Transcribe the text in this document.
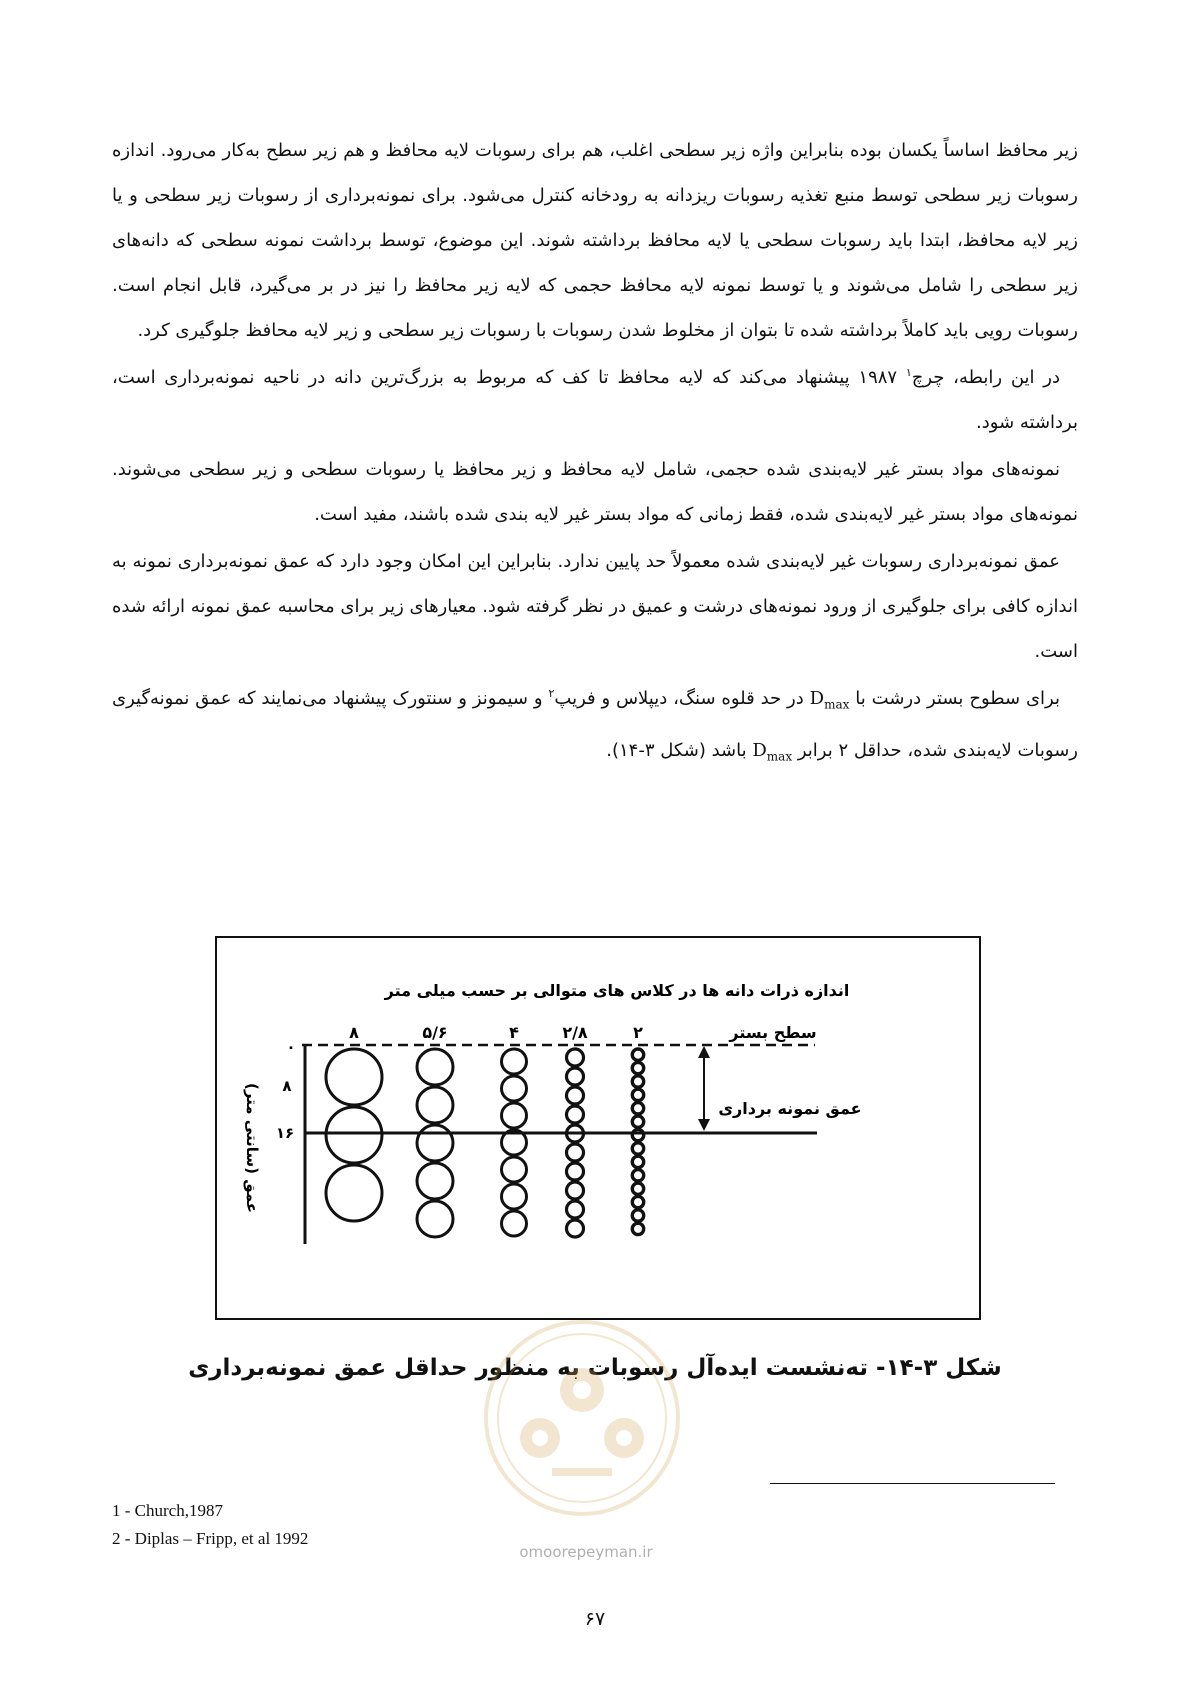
زیر محافظ اساساً یکسان بوده بنابراین واژه زیر سطحی اغلب، هم برای رسوبات لایه محافظ و هم زیر سطح به‌کار می‌رود. اندازه رسوبات زیر سطحی توسط منبع تغذیه رسوبات ریزدانه به رودخانه کنترل می‌شود. برای نمونه‌برداری از رسوبات زیر سطحی و یا زیر لایه محافظ، ابتدا باید رسوبات سطحی یا لایه محافظ برداشته شوند. این موضوع، توسط برداشت نمونه سطحی که دانه‌های زیر سطحی را شامل می‌شوند و یا توسط نمونه لایه محافظ حجمی که لایه زیر محافظ را نیز در بر می‌گیرد، قابل انجام است. رسوبات رویی باید کاملاً برداشته شده تا بتوان از مخلوط شدن رسوبات با رسوبات زیر سطحی و زیر لایه محافظ جلوگیری کرد.

در این رابطه، چرچ$^۱$ ۱۹۸۷ پیشنهاد می‌کند که لایه محافظ تا کف که مربوط به بزرگ‌ترین دانه در ناحیه نمونه‌برداری است، برداشته شود.

نمونه‌های مواد بستر غیر لایه‌بندی شده حجمی، شامل لایه محافظ و زیر محافظ یا رسوبات سطحی و زیر سطحی می‌شوند. نمونه‌های مواد بستر غیر لایه‌بندی شده، فقط زمانی که مواد بستر غیر لایه بندی شده باشند، مفید است.

عمق نمونه‌برداری رسوبات غیر لایه‌بندی شده معمولاً حد پایین ندارد. بنابراین این امکان وجود دارد که عمق نمونه‌برداری نمونه به اندازه کافی برای جلوگیری از ورود نمونه‌های درشت و عمیق در نظر گرفته شود. معیارهای زیر برای محاسبه عمق نمونه ارائه شده است.

برای سطوح بستر درشت با $D_{max}$ در حد قلوه سنگ، دیپلاس و فریپ$^۲$ و سیمونز و سنتورک پیشنهاد می‌نمایند که عمق نمونه‌گیری رسوبات لایه‌بندی شده، حداقل ۲ برابر $D_{max}$ باشد (شکل ۳-۱۴).

اندازه ذرات دانه ها در کلاس های متوالی بر حسب میلی متر
۸	۵/۶	۴	۲/۸	۲	سطح بستر
۰
۸
۱۶
عمق (سانتی متر)	عمق نمونه برداری
شکل ۳-۱۴- ته‌نشست ایده‌آل رسوبات به منظور حداقل عمق نمونه‌برداری
omoorepeyman.ir
1 - Church,1987
2 - Diplas – Fripp, et al 1992
۶۷
